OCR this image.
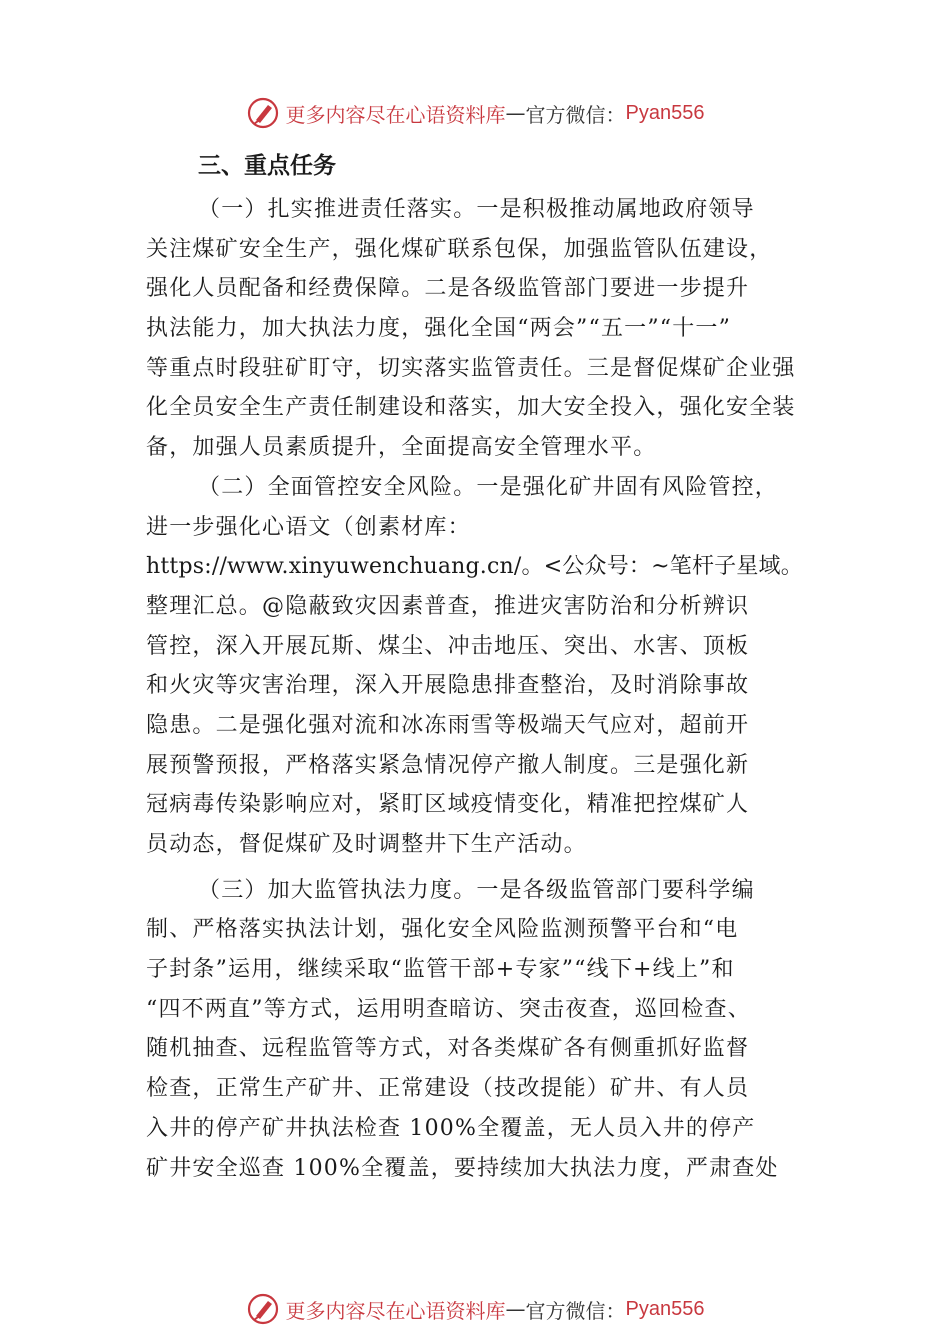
更多内容尽在心语资料库 — 官方微信： Pyan556
三、重点任务
（一）扎实推进责任落实。一是积极推动属地政府领导
关注煤矿安全生产，强化煤矿联系包保，加强监管队伍建设，
强化人员配备和经费保障。二是各级监管部门要进一步提升
执法能力，加大执法力度，强化全国“两会”“五一”“十一”
等重点时段驻矿盯守，切实落实监管责任。三是督促煤矿企业强
化全员安全生产责任制建设和落实，加大安全投入，强化安全装
备，加强人员素质提升，全面提高安全管理水平。
（二）全面管控安全风险。一是强化矿井固有风险管控，
进一步强化心语文（创素材库：
https://www.xinyuwenchuang.cn/。<公众号：~笔杆子星域。
整理汇总。@隐蔽致灾因素普查，推进灾害防治和分析辨识
管控，深入开展瓦斯、煤尘、冲击地压、突出、水害、顶板
和火灾等灾害治理，深入开展隐患排查整治，及时消除事故
隐患。二是强化强对流和冰冻雨雪等极端天气应对，超前开
展预警预报，严格落实紧急情况停产撤人制度。三是强化新
冠病毒传染影响应对，紧盯区域疫情变化，精准把控煤矿人
员动态，督促煤矿及时调整井下生产活动。
（三）加大监管执法力度。一是各级监管部门要科学编
制、严格落实执法计划，强化安全风险监测预警平台和“电
子封条”运用，继续采取“监管干部+专家”“线下+线上”和
“四不两直”等方式，运用明查暗访、突击夜查，巡回检查、
随机抽查、远程监管等方式，对各类煤矿各有侧重抓好监督
检查，正常生产矿井、正常建设（技改提能）矿井、有人员
入井的停产矿井执法检查 100%全覆盖，无人员入井的停产
矿井安全巡查 100%全覆盖，要持续加大执法力度，严肃查处
更多内容尽在心语资料库 — 官方微信： Pyan556
